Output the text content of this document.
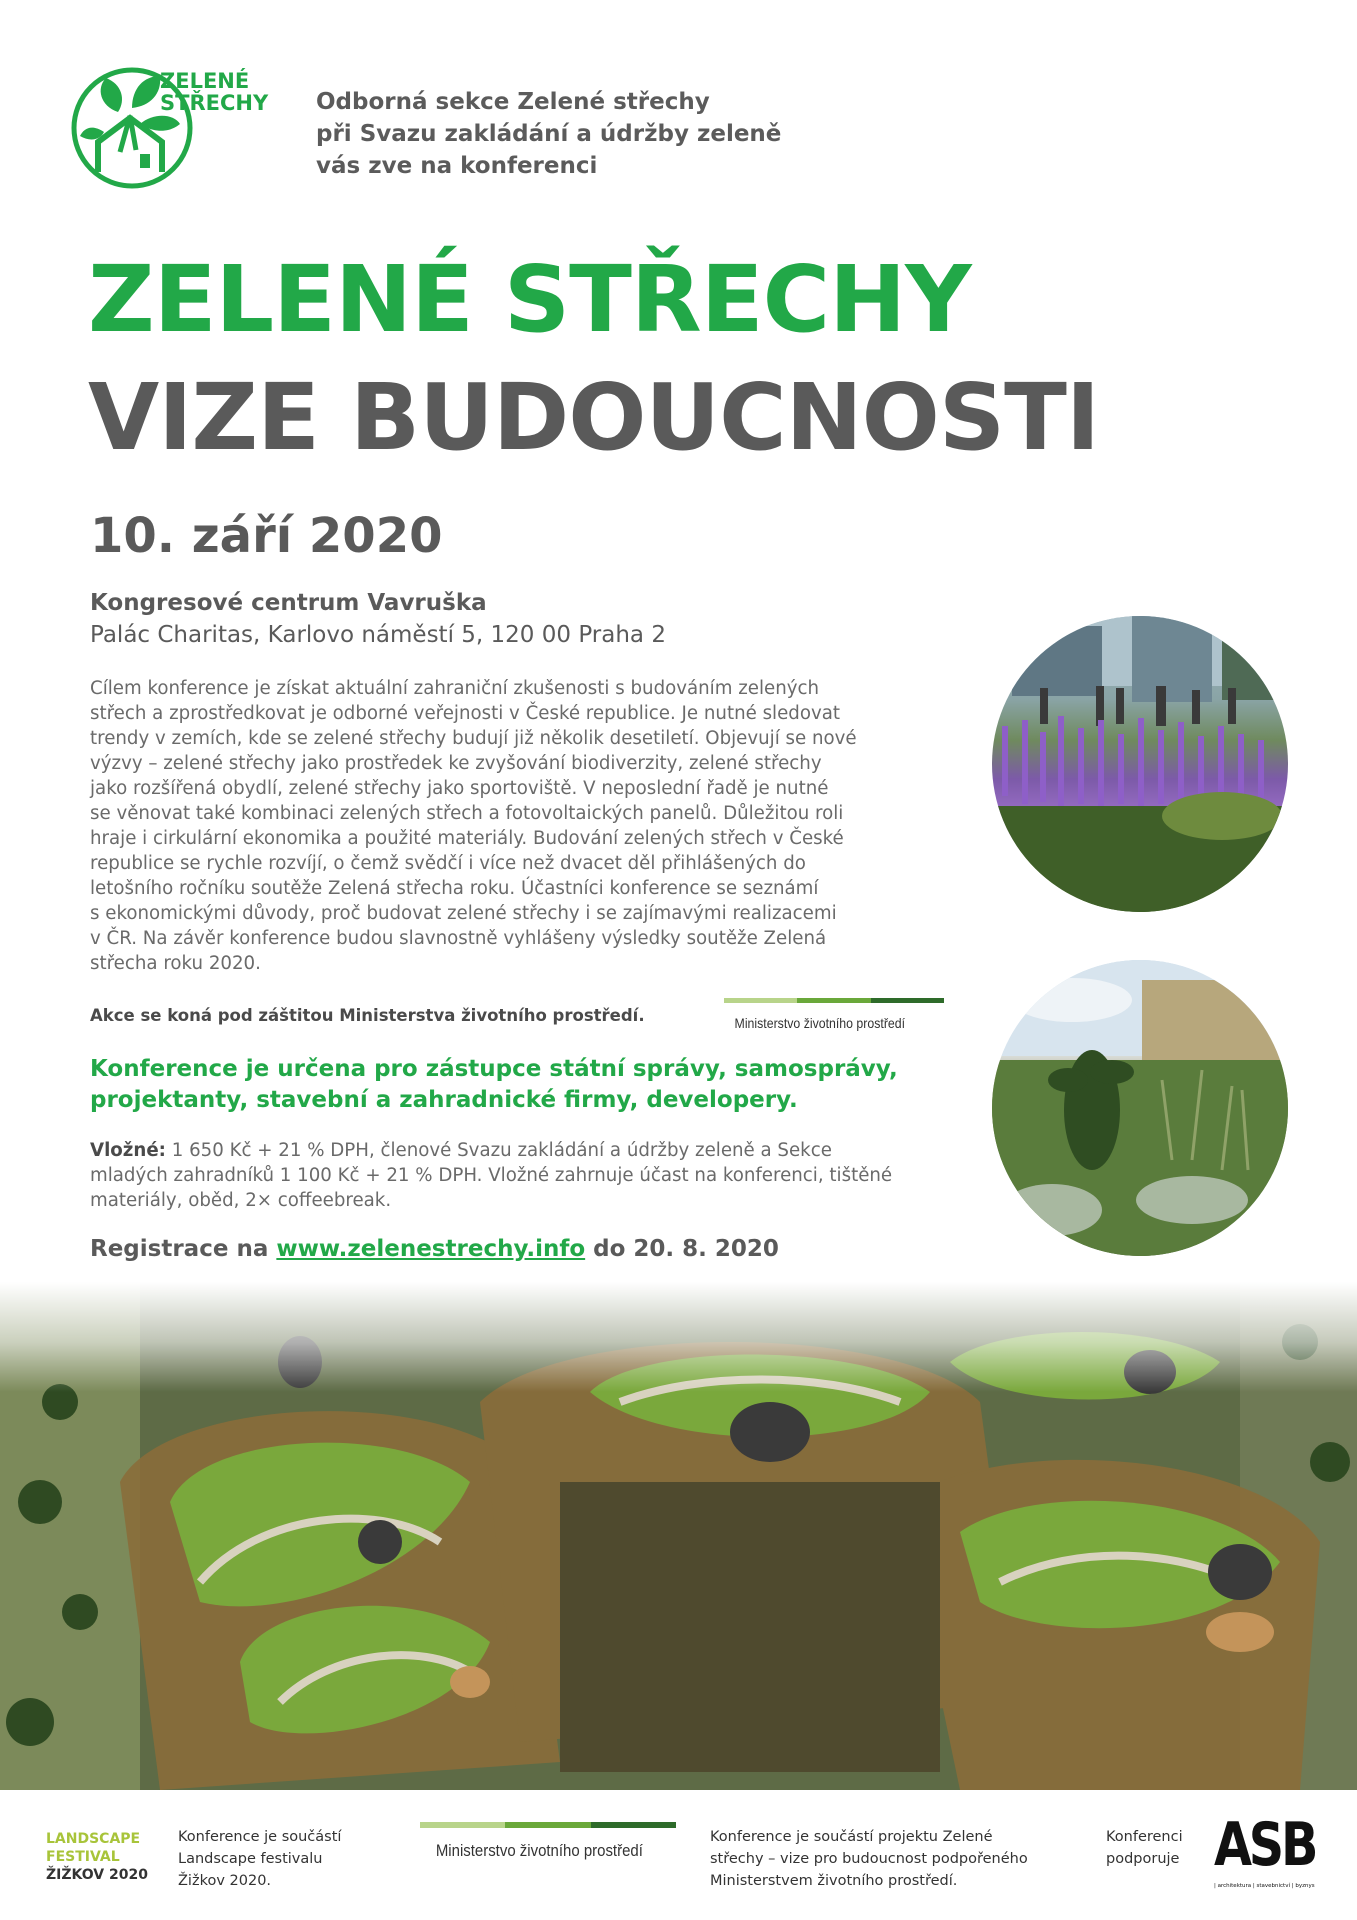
ZELENÉ
STŘECHY Odborná sekce Zelené střechy
při Svazu zakládání a údržby zeleně
vás zve na konferenci
ZELENÉ STŘECHY
VIZE BUDOUCNOSTI
10. září 2020
Kongresové centrum Vavruška
Palác Charitas, Karlovo náměstí 5, 120 00 Praha 2
Cílem konference je získat aktuální zahraniční zkušenosti s budováním zelených
střech a zprostředkovat je odborné veřejnosti v České republice. Je nutné sledovat
trendy v zemích, kde se zelené střechy budují již několik desetiletí. Objevují se nové
výzvy – zelené střechy jako prostředek ke zvyšování biodiverzity, zelené střechy
jako rozšířená obydlí, zelené střechy jako sportoviště. V neposlední řadě je nutné
se věnovat také kombinaci zelených střech a fotovoltaických panelů. Důležitou roli
hraje i cirkulární ekonomika a použité materiály. Budování zelených střech v České
republice se rychle rozvíjí, o čemž svědčí i více než dvacet děl přihlášených do
letošního ročníku soutěže Zelená střecha roku. Účastníci konference se seznámí
s ekonomickými důvody, proč budovat zelené střechy i se zajímavými realizacemi
v ČR. Na závěr konference budou slavnostně vyhlášeny výsledky soutěže Zelená
střecha roku 2020.
Akce se koná pod záštitou Ministerstva životního prostředí.	Ministerstvo životního prostředí
Konference je určena pro zástupce státní správy, samosprávy,
projektanty, stavební a zahradnické firmy, developery.
Vložné: 1 650 Kč + 21 % DPH, členové Svazu zakládání a údržby zeleně a Sekce
mladých zahradníků 1 100 Kč + 21 % DPH. Vložné zahrnuje účast na konferenci, tištěné
materiály, oběd, 2× coffeebreak.
Registrace na www.zelenestrechy.info do 20. 8. 2020
LANDSCAPE
FESTIVAL
ŽIŽKOV 2020
Konference je součástí
Landscape festivalu
Žižkov 2020.
Ministerstvo životního prostředí
Konference je součástí projektu Zelené
střechy – vize pro budoucnost podpořeného
Ministerstvem životního prostředí.
Konferenci
podporuje ASB
| architektura | stavebnictví | byznys
